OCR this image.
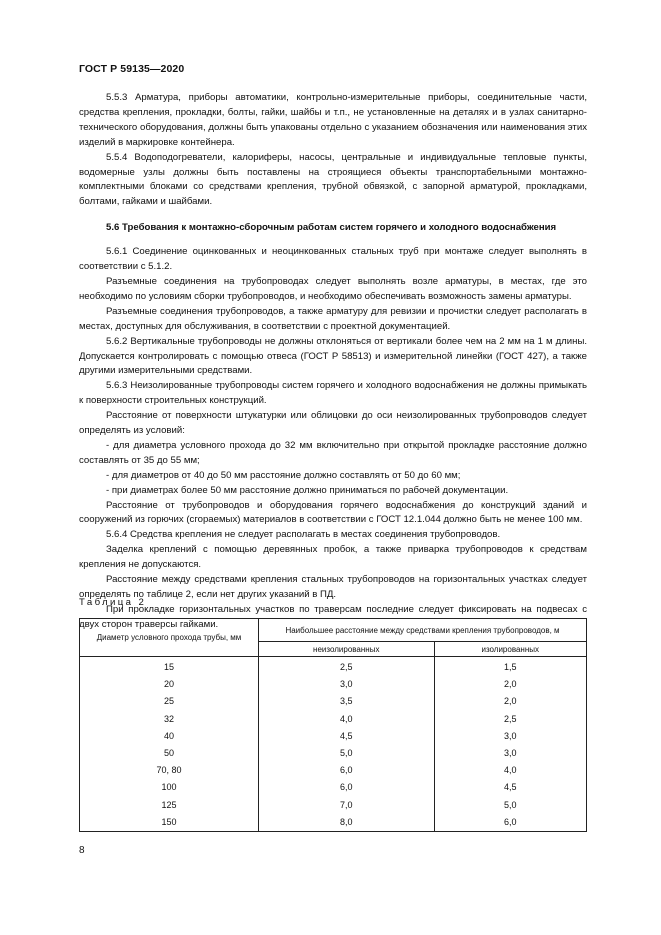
ГОСТ Р 59135—2020

5.5.3 Арматура, приборы автоматики, контрольно-измерительные приборы, соединительные части, средства крепления, прокладки, болты, гайки, шайбы и т.п., не установленные на деталях и в узлах санитарно-технического оборудования, должны быть упакованы отдельно с указанием обозначения или наименования этих изделий в маркировке контейнера.

5.5.4 Водоподогреватели, калориферы, насосы, центральные и индивидуальные тепловые пункты, водомерные узлы должны быть поставлены на строящиеся объекты транспортабельными монтажно-комплектными блоками со средствами крепления, трубной обвязкой, с запорной арматурой, прокладками, болтами, гайками и шайбами.

5.6 Требования к монтажно-сборочным работам систем горячего и холодного водоснабжения

5.6.1 Соединение оцинкованных и неоцинкованных стальных труб при монтаже следует выполнять в соответствии с 5.1.2.

Разъемные соединения на трубопроводах следует выполнять возле арматуры, в местах, где это необходимо по условиям сборки трубопроводов, и необходимо обеспечивать возможность замены арматуры.

Разъемные соединения трубопроводов, а также арматуру для ревизии и прочистки следует располагать в местах, доступных для обслуживания, в соответствии с проектной документацией.

5.6.2 Вертикальные трубопроводы не должны отклоняться от вертикали более чем на 2 мм на 1 м длины. Допускается контролировать с помощью отвеса (ГОСТ Р 58513) и измерительной линейки (ГОСТ 427), а также другими измерительными средствами.

5.6.3 Неизолированные трубопроводы систем горячего и холодного водоснабжения не должны примыкать к поверхности строительных конструкций.

Расстояние от поверхности штукатурки или облицовки до оси неизолированных трубопроводов следует определять из условий:

- для диаметра условного прохода до 32 мм включительно при открытой прокладке расстояние должно составлять от 35 до 55 мм;

- для диаметров от 40 до 50 мм расстояние должно составлять от 50 до 60 мм;

- при диаметрах более 50 мм расстояние должно приниматься по рабочей документации.

Расстояние от трубопроводов и оборудования горячего водоснабжения до конструкций зданий и сооружений из горючих (сгораемых) материалов в соответствии с ГОСТ 12.1.044 должно быть не менее 100 мм.

5.6.4 Средства крепления не следует располагать в местах соединения трубопроводов.

Заделка креплений с помощью деревянных пробок, а также приварка трубопроводов к средствам крепления не допускаются.

Расстояние между средствами крепления стальных трубопроводов на горизонтальных участках следует определять по таблице 2, если нет других указаний в ПД.

При прокладке горизонтальных участков по траверсам последние следует фиксировать на подвесах с двух сторон траверсы гайками.

Таблица 2
Диаметр условного прохода трубы, мм	Наибольшее расстояние между средствами крепления трубопроводов, м	
	неизолированных	изолированных
15	2,5	1,5
20	3,0	2,0
25	3,5	2,0
32	4,0	2,5
40	4,5	3,0
50	5,0	3,0
70, 80	6,0	4,0
100	6,0	4,5
125	7,0	5,0
150	8,0	6,0
8
